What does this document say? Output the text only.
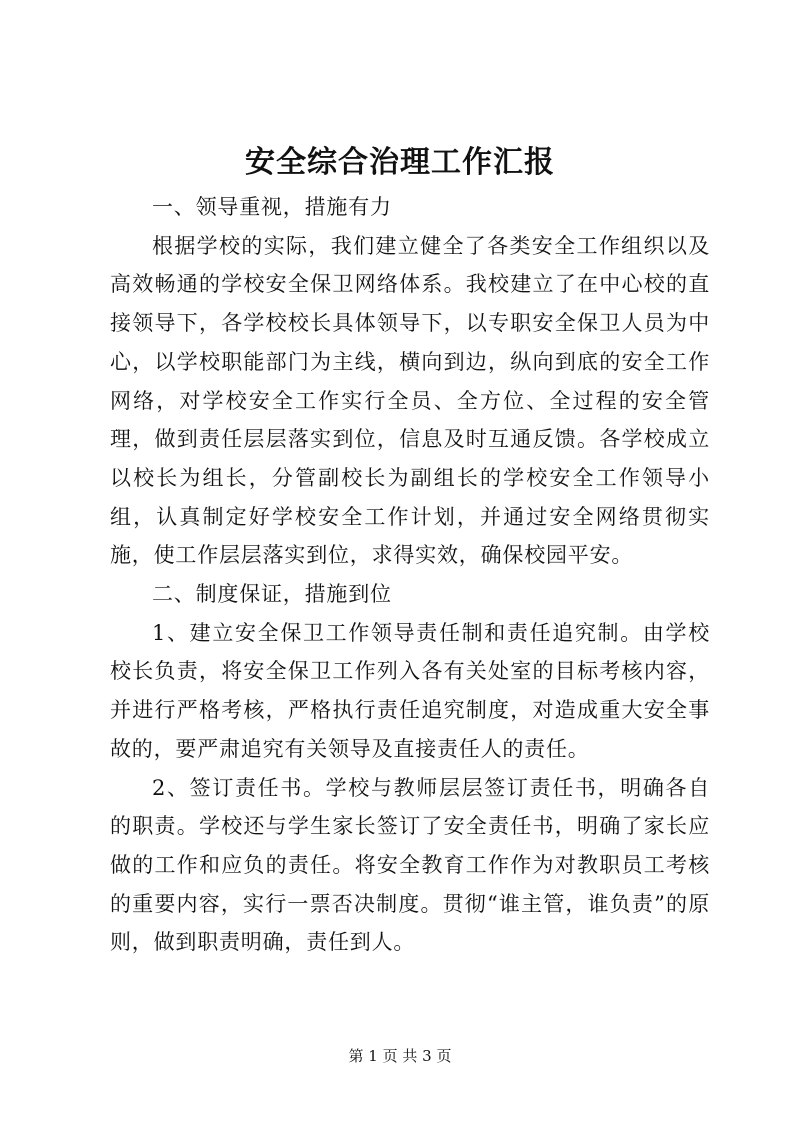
安全综合治理工作汇报

一、领导重视，措施有力

根据学校的实际，我们建立健全了各类安全工作组织以及高效畅通的学校安全保卫网络体系。我校建立了在中心校的直接领导下，各学校校长具体领导下，以专职安全保卫人员为中心，以学校职能部门为主线，横向到边，纵向到底的安全工作网络，对学校安全工作实行全员、全方位、全过程的安全管理，做到责任层层落实到位，信息及时互通反馈。各学校成立以校长为组长，分管副校长为副组长的学校安全工作领导小组，认真制定好学校安全工作计划，并通过安全网络贯彻实施，使工作层层落实到位，求得实效，确保校园平安。

二、制度保证，措施到位

1、建立安全保卫工作领导责任制和责任追究制。由学校校长负责，将安全保卫工作列入各有关处室的目标考核内容，并进行严格考核，严格执行责任追究制度，对造成重大安全事故的，要严肃追究有关领导及直接责任人的责任。

2、签订责任书。学校与教师层层签订责任书，明确各自的职责。学校还与学生家长签订了安全责任书，明确了家长应做的工作和应负的责任。将安全教育工作作为对教职员工考核的重要内容，实行一票否决制度。贯彻“谁主管，谁负责”的原则，做到职责明确，责任到人。

第 1 页 共 3 页
